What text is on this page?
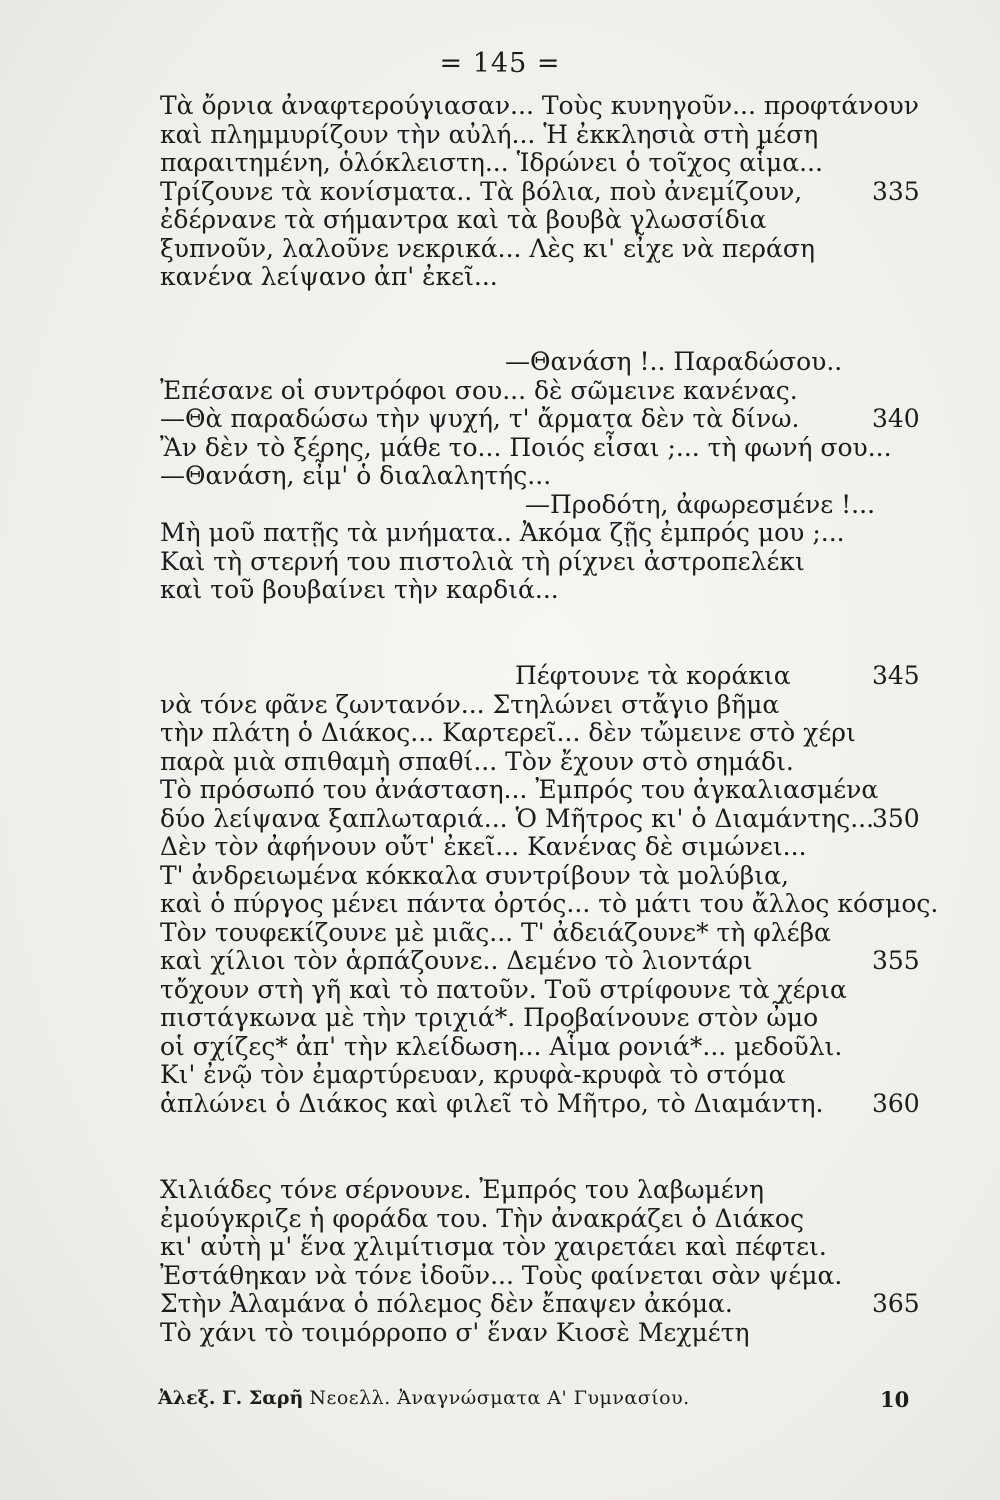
= 145 =
Τὰ ὄρνια ἀναφτερούγιασαν... Τοὺς κυνηγοῦν... προφτάνουν
καὶ πλημμυρίζουν τὴν αὐλή... Ἡ ἐκκλησιὰ στὴ μέση
παραιτημένη, ὁλόκλειστη... Ἱδρώνει ὁ τοῖχος αἷμα...
Τρίζουνε τὰ κονίσματα.. Τὰ βόλια, ποὺ ἀνεμίζουν,	335
ἐδέρνανε τὰ σήμαντρα καὶ τὰ βουβὰ γλωσσίδια
ξυπνοῦν, λαλοῦνε νεκρικά... Λὲς κι' εἶχε νὰ περάση
κανένα λείψανο ἀπ' ἐκεῖ...
—Θανάση !.. Παραδώσου..
Ἐπέσανε οἱ συντρόφοι σου... δὲ σῶμεινε κανένας.
—Θὰ παραδώσω τὴν ψυχή, τ' ἄρματα δὲν τὰ δίνω.	340
Ἂν δὲν τὸ ξέρης, μάθε το... Ποιός εἶσαι ;... τὴ φωνή σου...
—Θανάση, εἶμ' ὁ διαλαλητής...
—Προδότη, ἀφωρεσμένε !...
Μὴ μοῦ πατῇς τὰ μνήματα.. Ἀκόμα ζῇς ἐμπρός μου ;...
Καὶ τὴ στερνή του πιστολιὰ τὴ ρίχνει ἀστροπελέκι
καὶ τοῦ βουβαίνει τὴν καρδιά...
Πέφτουνε τὰ κοράκια	345
νὰ τόνε φᾶνε ζωντανόν... Στηλώνει στἄγιο βῆμα
τὴν πλάτη ὁ Διάκος... Καρτερεῖ... δὲν τὤμεινε στὸ χέρι
παρὰ μιὰ σπιθαμὴ σπαθί... Τὸν ἔχουν στὸ σημάδι.
Τὸ πρόσωπό του ἀνάσταση... Ἐμπρός του ἀγκαλιασμένα
δύο λείψανα ξαπλωταριά... Ὁ Μῆτρος κι' ὁ Διαμάντης...
350
Δὲν τὸν ἀφήνουν οὔτ' ἐκεῖ... Κανένας δὲ σιμώνει...
Τ' ἀνδρειωμένα κόκκαλα συντρίβουν τὰ μολύβια,
καὶ ὁ πύργος μένει πάντα ὀρτός... τὸ μάτι του ἄλλος κόσμος.
Τὸν τουφεκίζουνε μὲ μιᾶς... Τ' ἀδειάζουνε* τὴ φλέβα
καὶ χίλιοι τὸν ἁρπάζουνε.. Δεμένο τὸ λιοντάρι	355
τὄχουν στὴ γῆ καὶ τὸ πατοῦν. Τοῦ στρίφουνε τὰ χέρια
πιστάγκωνα μὲ τὴν τριχιά*. Προβαίνουνε στὸν ὦμο
οἱ σχίζες* ἀπ' τὴν κλείδωση... Αἷμα ρονιά*... μεδοῦλι.
Κι' ἐνῷ τὸν ἐμαρτύρευαν, κρυφὰ-κρυφὰ τὸ στόμα
ἁπλώνει ὁ Διάκος καὶ φιλεῖ τὸ Μῆτρο, τὸ Διαμάντη. 360
Χιλιάδες τόνε σέρνουνε. Ἐμπρός του λαβωμένη
ἐμούγκριζε ἡ φοράδα του. Τὴν ἀνακράζει ὁ Διάκος
κι' αὐτὴ μ' ἕνα χλιμίτισμα τὸν χαιρετάει καὶ πέφτει.
Ἐστάθηκαν νὰ τόνε ἰδοῦν... Τοὺς φαίνεται σὰν ψέμα.
Στὴν Ἀλαμάνα ὁ πόλεμος δὲν ἔπαψεν ἀκόμα.	365
Τὸ χάνι τὸ τοιμόρροπο σ' ἕναν Κιοσὲ Μεχμέτη
Ἀλεξ. Γ. Σαρῆ Νεοελλ. Ἀναγνώσματα Α' Γυμνασίου.	10
